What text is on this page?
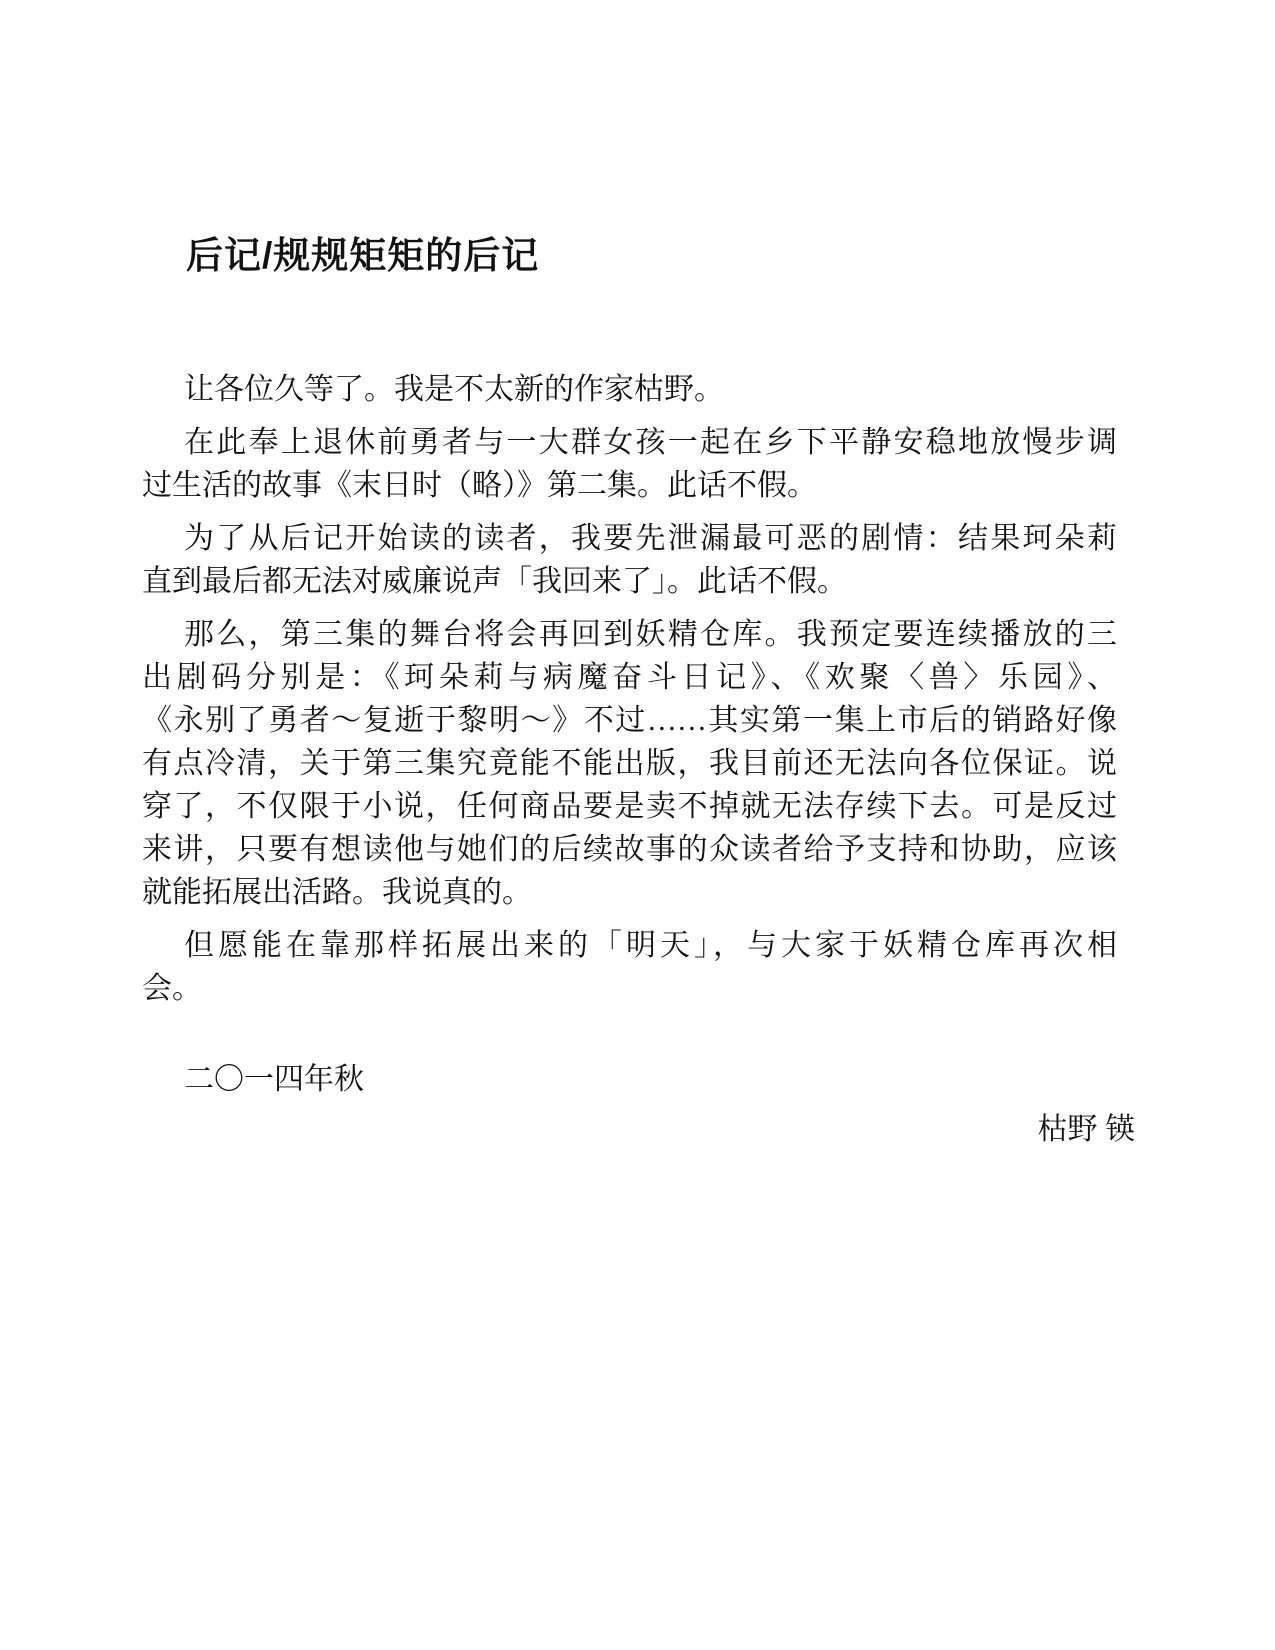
后记/规规矩矩的后记
让各位久等了。我是不太新的作家枯野。
在此奉上退休前勇者与一大群女孩一起在乡下平静安稳地放慢步调
过生活的故事《末日时（略）》第二集。此话不假。
为了从后记开始读的读者，我要先泄漏最可恶的剧情：结果珂朵莉
直到最后都无法对威廉说声「我回来了」。此话不假。
那么，第三集的舞台将会再回到妖精仓库。我预定要连续播放的三
出剧码分别是：《珂朵莉与病魔奋斗日记》、《欢聚〈兽〉乐园》、
《永别了勇者～复逝于黎明～》不过……其实第一集上市后的销路好像
有点冷清，关于第三集究竟能不能出版，我目前还无法向各位保证。说
穿了，不仅限于小说，任何商品要是卖不掉就无法存续下去。可是反过
来讲，只要有想读他与她们的后续故事的众读者给予支持和协助，应该
就能拓展出活路。我说真的。
但愿能在靠那样拓展出来的「明天」，与大家于妖精仓库再次相
会。
二〇一四年秋
枯野 锳
